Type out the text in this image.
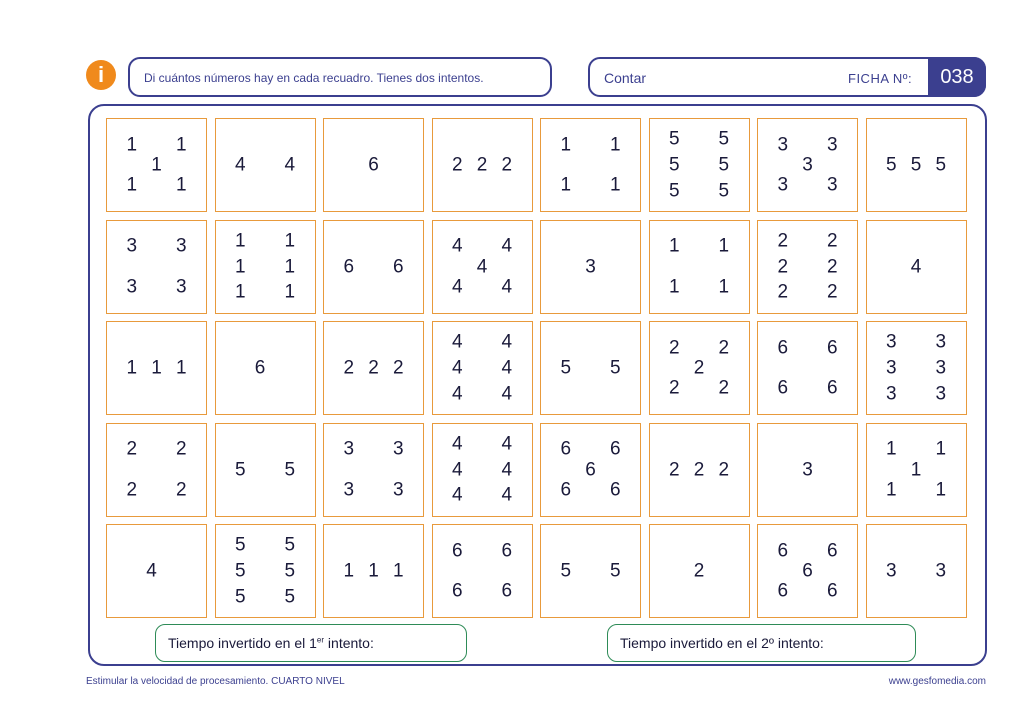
i	Di cuántos números hay en cada recuadro. Tienes dos intentos.	Contar	FICHA Nº:	038
1 1
1
1 1
4 4	6	2 2 2
1 1
1 1
5 5
5 5
5 5
3 3
3
3 3
5 5 5
3 3
3 3
1 1
1 1
1 1
6 6
4 4
4
4 4
3
1 1
1 1
2 2
2 2
2 2
4
1 1 1	6	2 2 2
4 4
4 4
4 4
5 5
2 2
2
2 2
6 6
6 6
3 3
3 3
3 3
2 2
2 2
5 5
3 3
3 3
4 4
4 4
4 4
6 6
6
6 6
2 2 2	3
1 1
1
1 1
4
5 5
5 5
5 5
1 1 1
6 6
6 6
5 5	2
6 6
6
6 6
3 3
Tiempo invertido en el 1er intento:	Tiempo invertido en el 2º intento:
Estimular la velocidad de procesamiento. CUARTO NIVEL	www.gesfomedia.com
